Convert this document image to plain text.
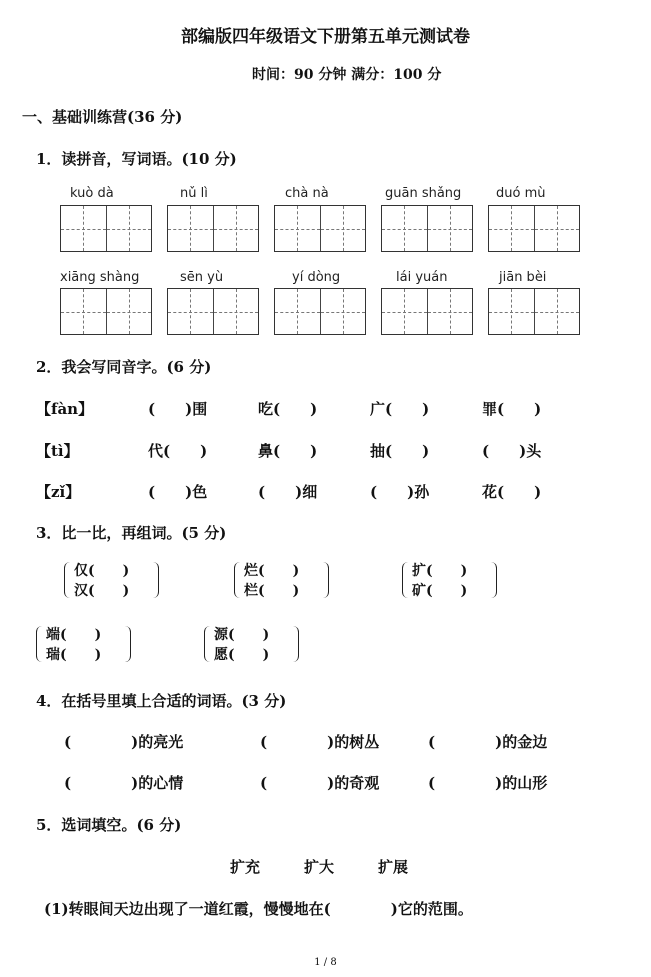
部编版四年级语文下册第五单元测试卷
时间：90 分钟 满分：100 分
一、基础训练营(36 分)
1．读拼音，写词语。(10 分)
kuò dà	nǔ lì	chà nà	guān shǎng	duó mù
xiāng shàng	sēn yù	yí dòng	lái yuán	jiān bèi
2．我会写同音字。(6 分)
【fàn】	(　　)围	吃(　　)	广(　　)	罪(　　)
【tì】	代(　　)	鼻(　　)	抽(　　)	(　　)头
【zǐ】	(　　)色	(　　)细	(　　)孙	花(　　)
3．比一比，再组词。(5 分)
仅(　　)
汉(　　)
烂(　　)
栏(　　)
扩(　　)
矿(　　)
端(　　)
瑞(　　)
源(　　)
愿(　　)
4．在括号里填上合适的词语。(3 分)
(　　　　)的亮光	(　　　　)的树丛	(　　　　)的金边
(　　　　)的心情	(　　　　)的奇观	(　　　　)的山形
5．选词填空。(6 分)
扩充	扩大	扩展
(1)转眼间天边出现了一道红霞，慢慢地在(　　　　)它的范围。
1 / 8
